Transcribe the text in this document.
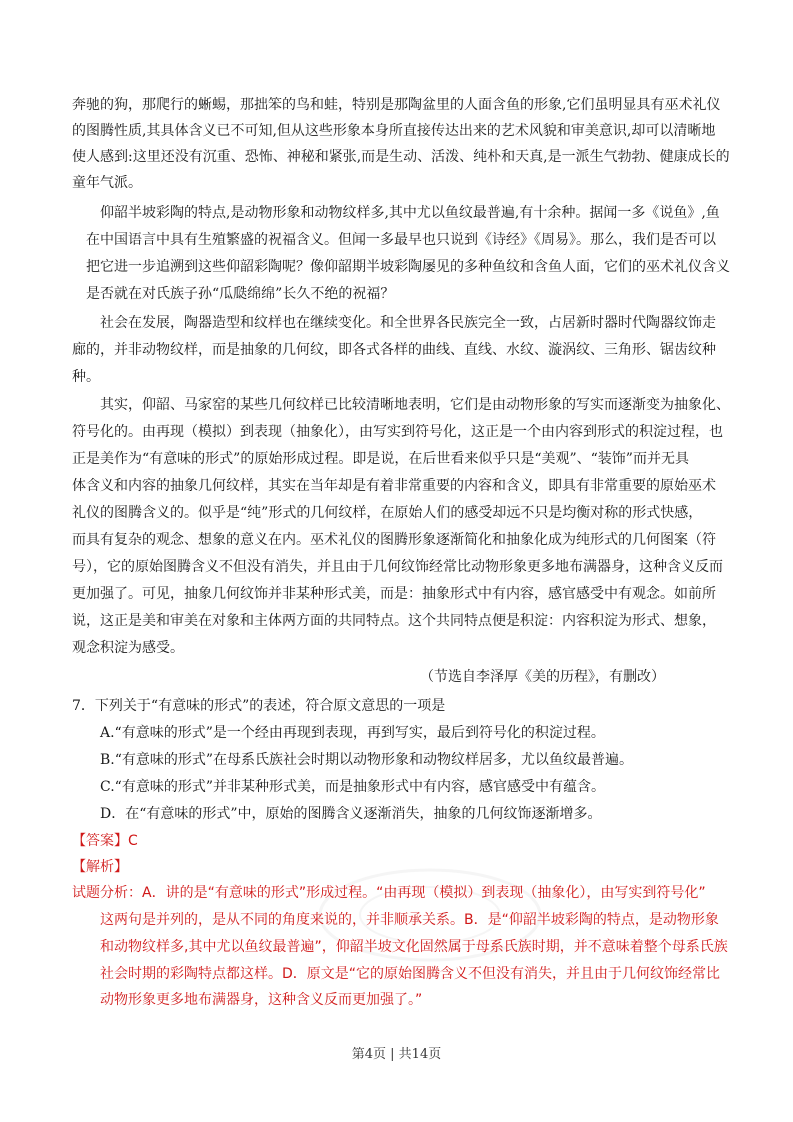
奔驰的狗，那爬行的蜥蜴，那拙笨的鸟和蛙，特别是那陶盆里的人面含鱼的形象,它们虽明显具有巫术礼仪
的图腾性质,其具体含义已不可知,但从这些形象本身所直接传达出来的艺术风貌和审美意识,却可以清晰地
使人感到:这里还没有沉重、恐怖、神秘和紧张,而是生动、活泼、纯朴和天真,是一派生气勃勃、健康成长的
童年气派。
　　仰韶半坡彩陶的特点,是动物形象和动物纹样多,其中尤以鱼纹最普遍,有十余种。据闻一多《说鱼》,鱼
　在中国语言中具有生殖繁盛的祝福含义。但闻一多最早也只说到《诗经》《周易》。那么，我们是否可以
　把它进一步追溯到这些仰韶彩陶呢？像仰韶期半坡彩陶屡见的多种鱼纹和含鱼人面，它们的巫术礼仪含义
　是否就在对氏族子孙“瓜瓞绵绵”长久不绝的祝福？
　　社会在发展，陶器造型和纹样也在继续变化。和全世界各民族完全一致，占居新时器时代陶器纹饰走
廊的，并非动物纹样，而是抽象的几何纹，即各式各样的曲线、直线、水纹、漩涡纹、三角形、锯齿纹种
种。
　　其实，仰韶、马家窑的某些几何纹样已比较清晰地表明，它们是由动物形象的写实而逐渐变为抽象化、
符号化的。由再现（模拟）到表现（抽象化），由写实到符号化，这正是一个由内容到形式的积淀过程，也
正是美作为“有意味的形式”的原始形成过程。即是说，在后世看来似乎只是“美观”、“装饰”而并无具
体含义和内容的抽象几何纹样，其实在当年却是有着非常重要的内容和含义，即具有非常重要的原始巫术
礼仪的图腾含义的。似乎是“纯”形式的几何纹样，在原始人们的感受却远不只是均衡对称的形式快感，
而具有复杂的观念、想象的意义在内。巫术礼仪的图腾形象逐渐简化和抽象化成为纯形式的几何图案（符
号），它的原始图腾含义不但没有消失，并且由于几何纹饰经常比动物形象更多地布满器身，这种含义反而
更加强了。可见，抽象几何纹饰并非某种形式美，而是：抽象形式中有内容，感官感受中有观念。如前所
说，这正是美和审美在对象和主体两方面的共同特点。这个共同特点便是积淀：内容积淀为形式、想象，
观念积淀为感受。
（节选自李泽厚《美的历程》，有删改）
7．下列关于“有意味的形式”的表述，符合原文意思的一项是
A.“有意味的形式”是一个经由再现到表现，再到写实，最后到符号化的积淀过程。
B.“有意味的形式”在母系氏族社会时期以动物形象和动物纹样居多，尤以鱼纹最普遍。
C.“有意味的形式”并非某种形式美，而是抽象形式中有内容，感官感受中有蕴含。
D．在“有意味的形式”中，原始的图腾含义逐渐消失，抽象的几何纹饰逐渐增多。
【答案】C
【解析】
试题分析：A．讲的是“有意味的形式”形成过程。“由再现（模拟）到表现（抽象化），由写实到符号化”
　　这两句是并列的，是从不同的角度来说的，并非顺承关系。B．是“仰韶半坡彩陶的特点，是动物形象
　　和动物纹样多,其中尤以鱼纹最普遍”，仰韶半坡文化固然属于母系氏族时期，并不意味着整个母系氏族
　　社会时期的彩陶特点都这样。D．原文是“它的原始图腾含义不但没有消失，并且由于几何纹饰经常比
　　动物形象更多地布满器身，这种含义反而更加强了。”
第4页 | 共14页
